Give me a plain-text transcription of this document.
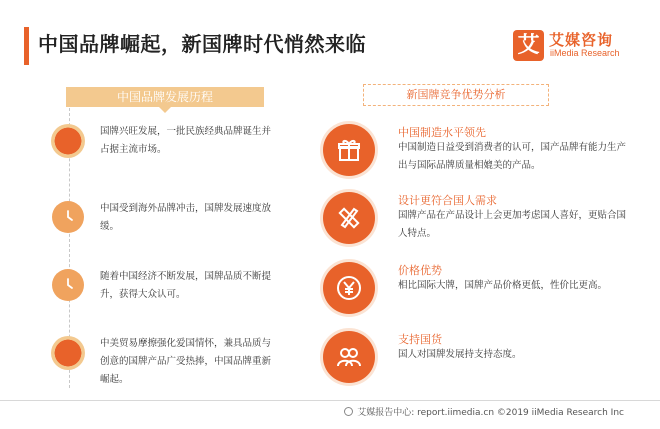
中国品牌崛起，新国牌时代悄然来临	艾 艾媒咨询
iiMedia Research
中国品牌发展历程
国牌兴旺发展，一批民族经典品牌诞生并占据主流市场。
中国受到海外品牌冲击，国牌发展速度放缓。
随着中国经济不断发展，国牌品质不断提升，获得大众认可。
中美贸易摩擦强化爱国情怀，兼具品质与创意的国牌产品广受热捧，中国品牌重新崛起。
新国牌竞争优势分析
中国制造水平领先
中国制造日益受到消费者的认可，国产品牌有能力生产出与国际品牌质量相媲美的产品。
设计更符合国人需求
国牌产品在产品设计上会更加考虑国人喜好，更贴合国人特点。
价格优势
相比国际大牌，国牌产品价格更低，性价比更高。
支持国货
国人对国牌发展持支持态度。
艾媒报告中心: report.iimedia.cn ©2019 iiMedia Research Inc
